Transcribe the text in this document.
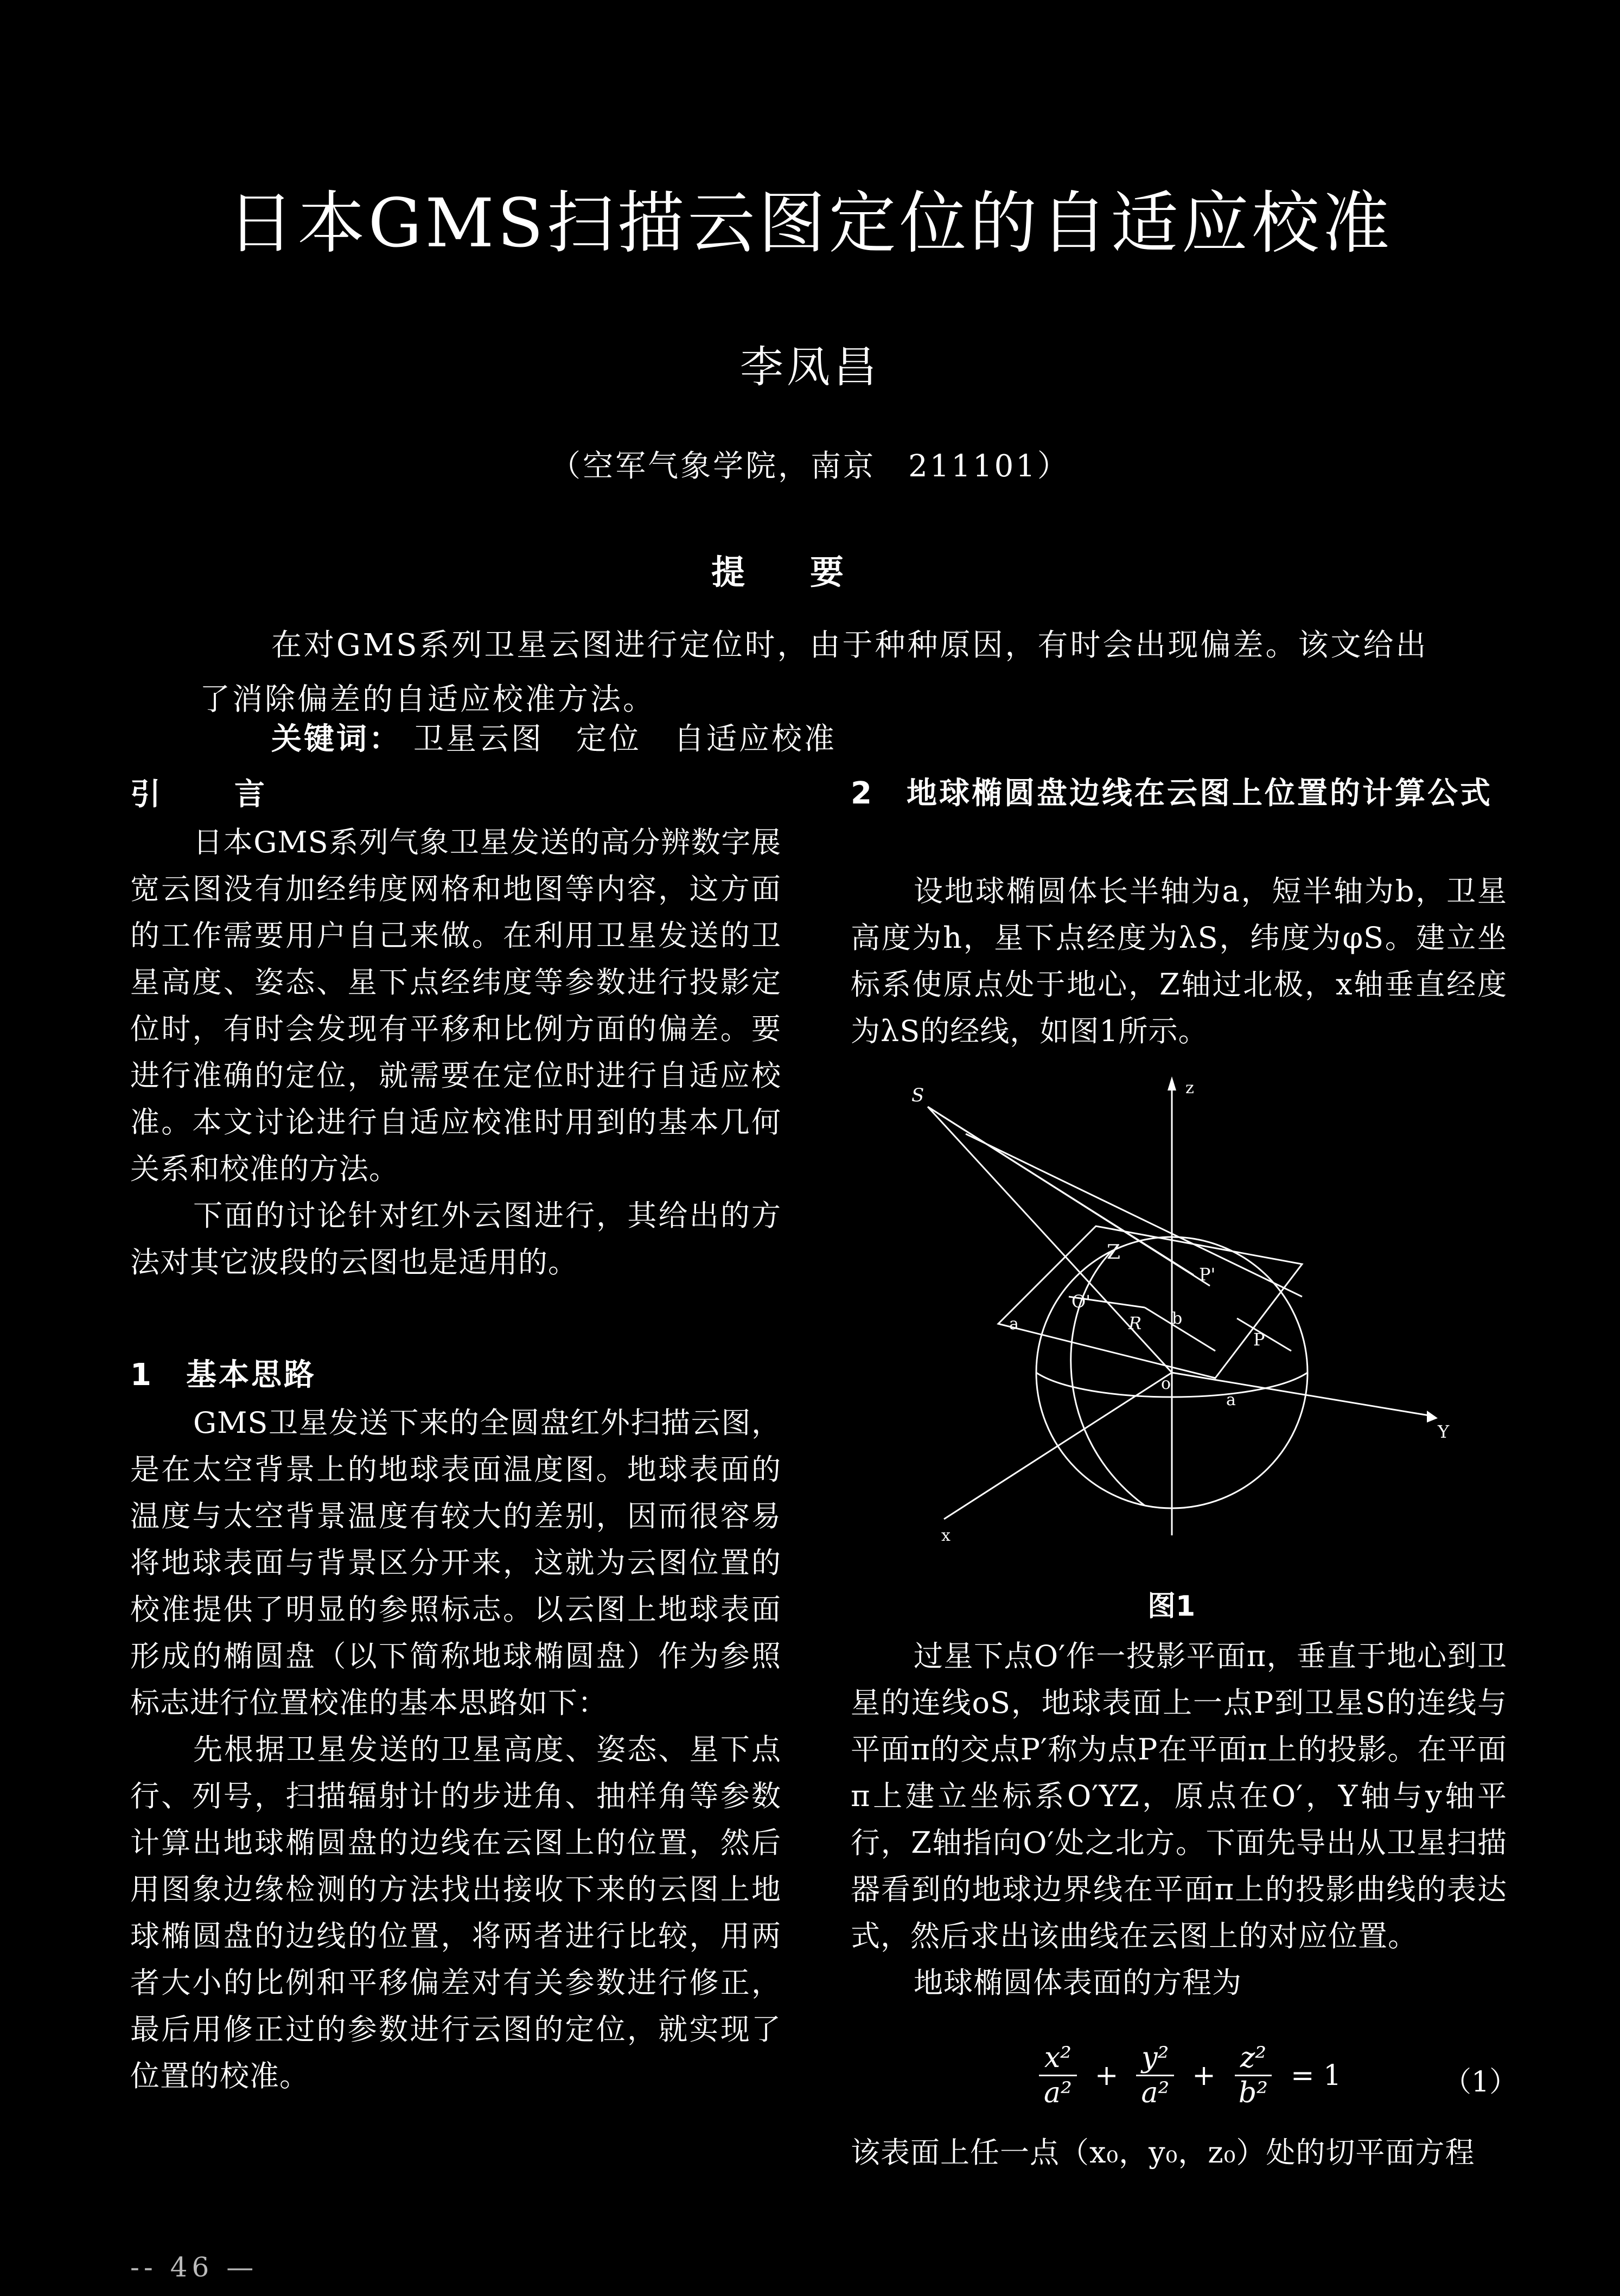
日本GMS扫描云图定位的自适应校准
李凤昌
（空军气象学院，南京　211101）
提要

在对GMS系列卫星云图进行定位时，由于种种原因，有时会出现偏差。该文给出了消除偏差的自适应校准方法。

关键词： 卫星云图　定位　自适应校准
引　言

日本GMS系列气象卫星发送的高分辨数字展宽云图没有加经纬度网格和地图等内容，这方面的工作需要用户自己来做。在利用卫星发送的卫星高度、姿态、星下点经纬度等参数进行投影定位时，有时会发现有平移和比例方面的偏差。要进行准确的定位，就需要在定位时进行自适应校准。本文讨论进行自适应校准时用到的基本几何关系和校准的方法。

下面的讨论针对红外云图进行，其给出的方法对其它波段的云图也是适用的。

1　基本思路

GMS卫星发送下来的全圆盘红外扫描云图，是在太空背景上的地球表面温度图。地球表面的温度与太空背景温度有较大的差别，因而很容易将地球表面与背景区分开来，这就为云图位置的校准提供了明显的参照标志。以云图上地球表面形成的椭圆盘（以下简称地球椭圆盘）作为参照标志进行位置校准的基本思路如下：

先根据卫星发送的卫星高度、姿态、星下点行、列号，扫描辐射计的步进角、抽样角等参数计算出地球椭圆盘的边线在云图上的位置，然后用图象边缘检测的方法找出接收下来的云图上地球椭圆盘的边线的位置，将两者进行比较，用两者大小的比例和平移偏差对有关参数进行修正，最后用修正过的参数进行云图的定位，就实现了位置的校准。

2　地球椭圆盘边线在云图上位置的计算公式

设地球椭圆体长半轴为a，短半轴为b，卫星高度为h，星下点经度为λS，纬度为φS。建立坐标系使原点处于地心，Z轴过北极，x轴垂直经度为λS的经线，如图1所示。

S	z
Z
P'
O'
R b
P
o
a
a
Y
x
图1

过星下点O′作一投影平面π，垂直于地心到卫星的连线oS，地球表面上一点P到卫星S的连线与平面π的交点P′称为点P在平面π上的投影。在平面π上建立坐标系O′YZ，原点在O′，Y轴与y轴平行，Z轴指向O′处之北方。下面先导出从卫星扫描器看到的地球边界线在平面π上的投影曲线的表达式，然后求出该曲线在云图上的对应位置。

地球椭圆体表面的方程为

$\frac{\text{x²}}{\text{a²}} + \frac{\text{y²}}{\text{a²}} + \frac{\text{z²}}{\text{b²}} = 1$	（1）

该表面上任一点（x₀，y₀，z₀）处的切平面方程

-- 46 —
